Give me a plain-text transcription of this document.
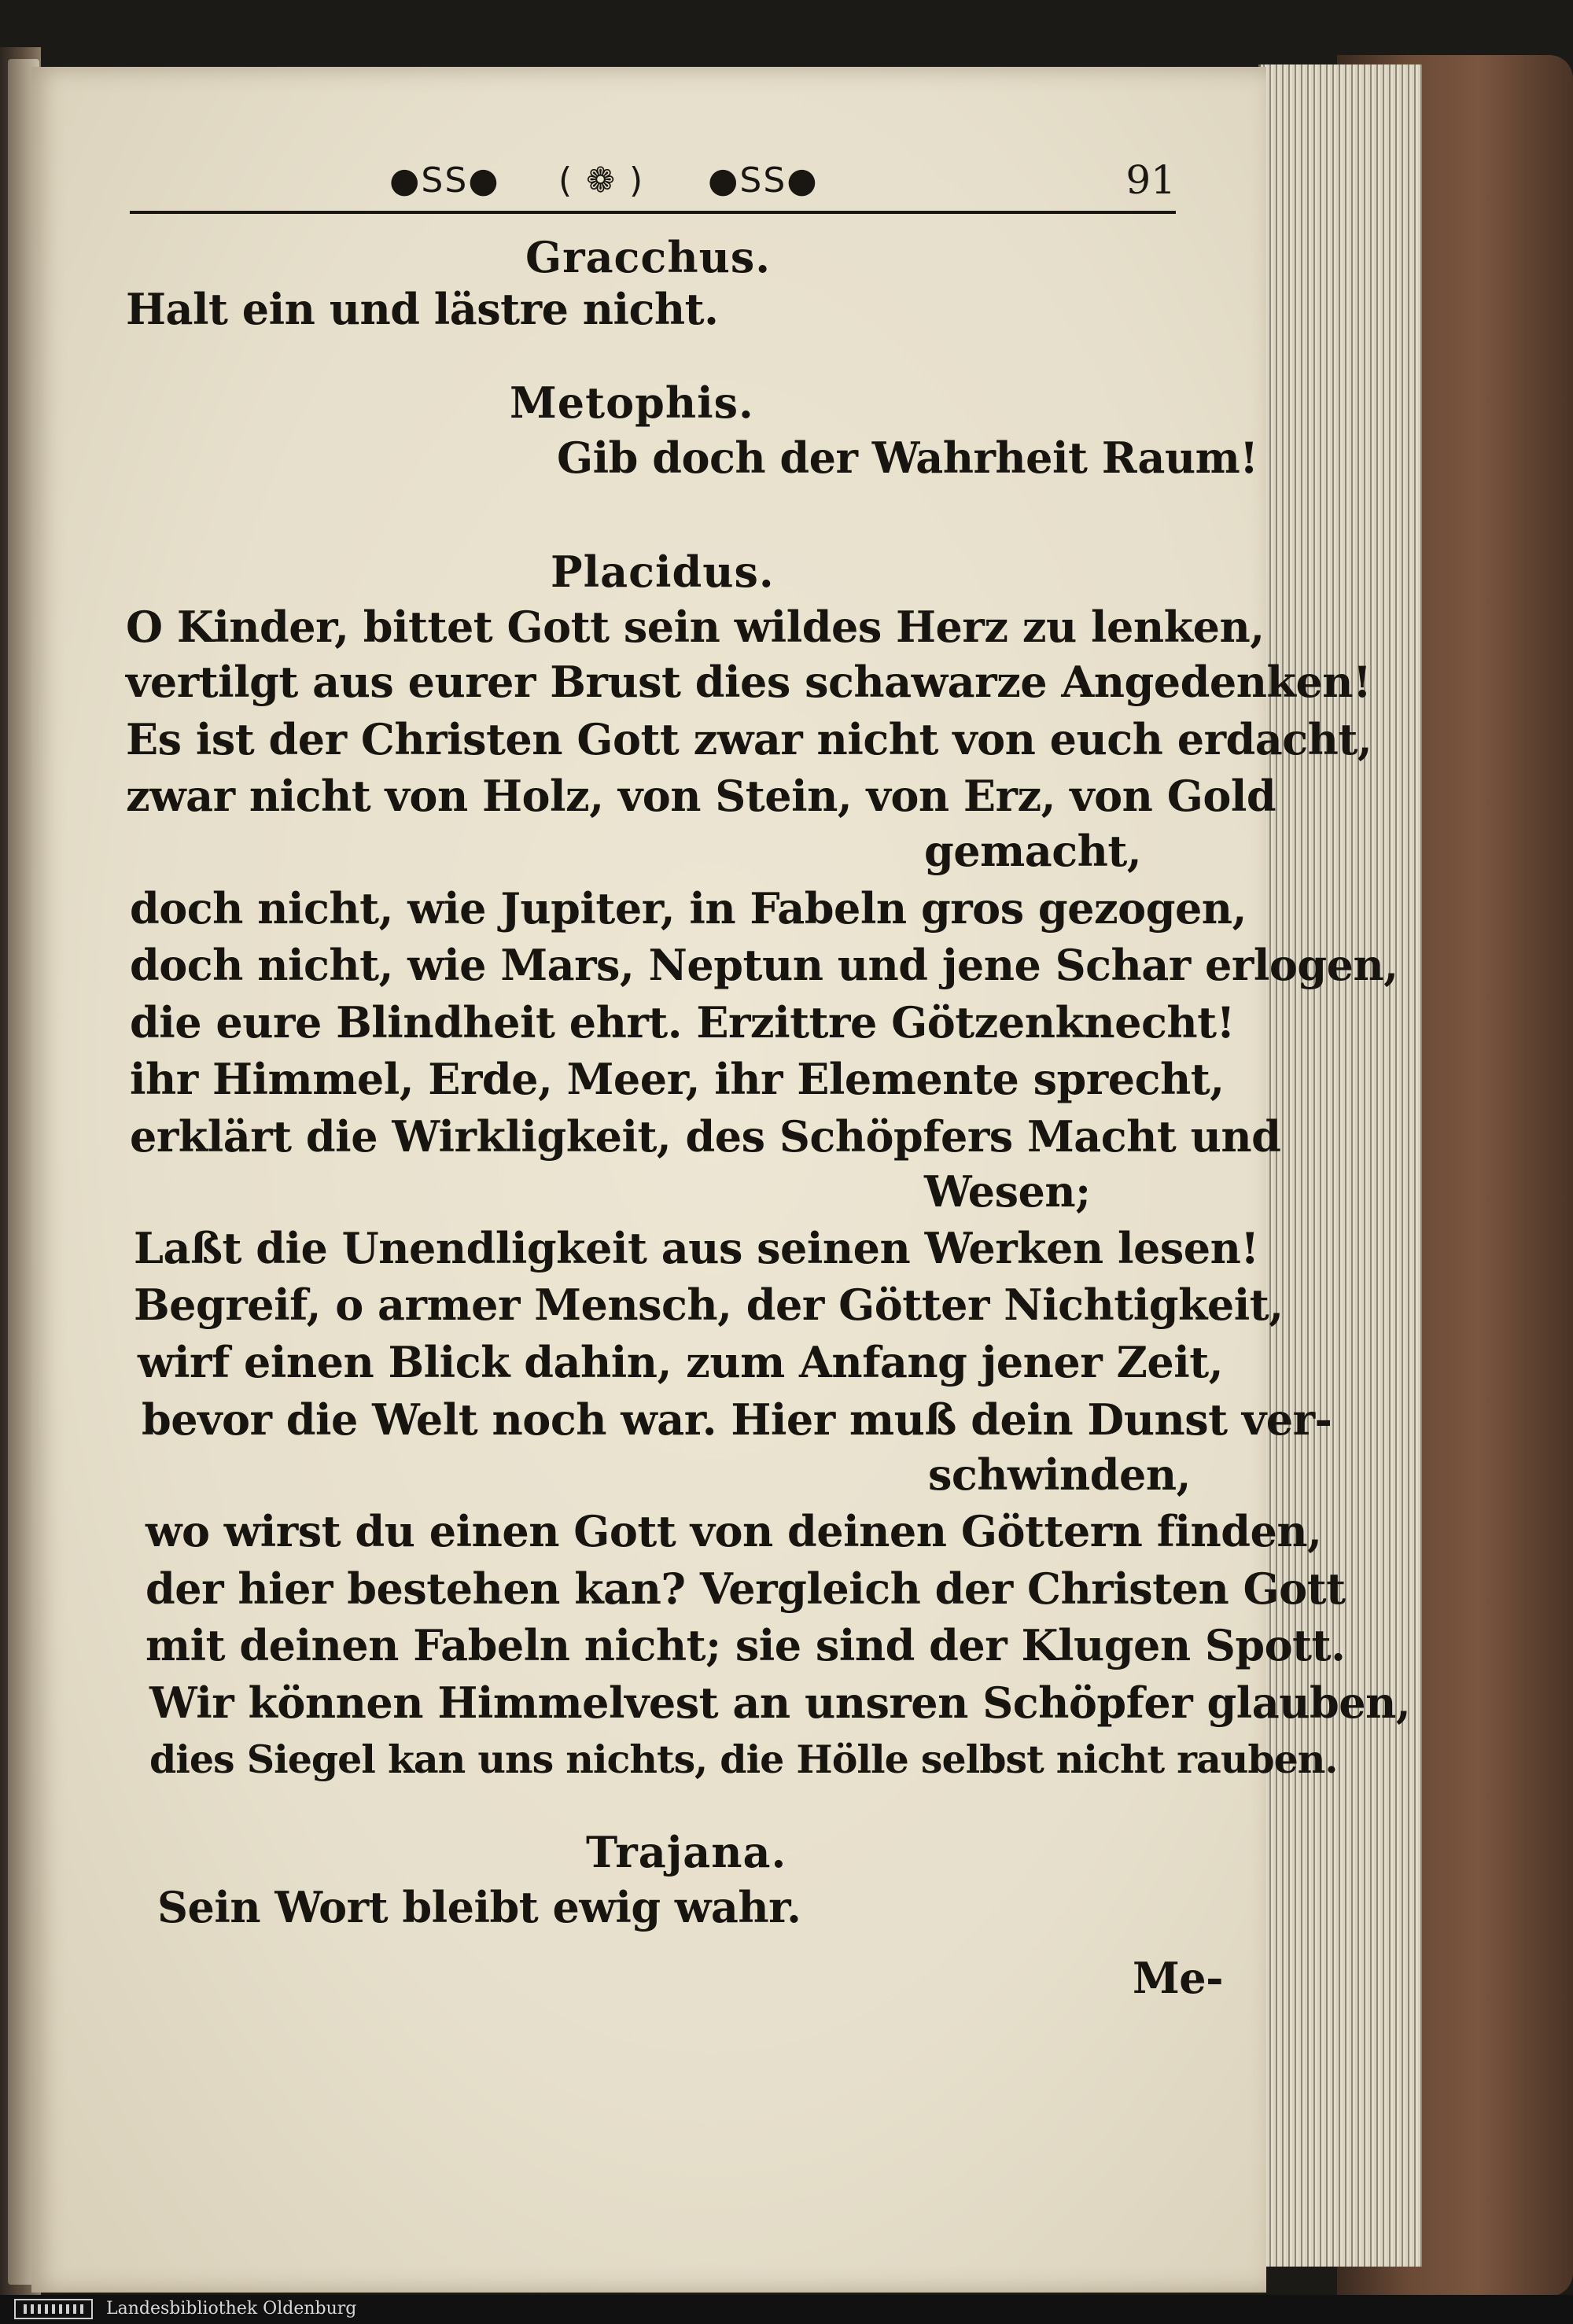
●SS● ( ❁ ) ●SS●	91
Gracchus.
Halt ein und lästre nicht.
Metophis.
Gib doch der Wahrheit Raum!
Placidus.
O Kinder, bittet Gott sein wildes Herz zu lenken,
vertilgt aus eurer Brust dies schawarze Angedenken!
Es ist der Christen Gott zwar nicht von euch erdacht,
zwar nicht von Holz, von Stein, von Erz, von Gold
gemacht,
doch nicht, wie Jupiter, in Fabeln gros gezogen,
doch nicht, wie Mars, Neptun und jene Schar erlogen,
die eure Blindheit ehrt. Erzittre Götzenknecht!
ihr Himmel, Erde, Meer, ihr Elemente sprecht,
erklärt die Wirkligkeit, des Schöpfers Macht und
Wesen;
Laßt die Unendligkeit aus seinen Werken lesen!
Begreif, o armer Mensch, der Götter Nichtigkeit,
wirf einen Blick dahin, zum Anfang jener Zeit,
bevor die Welt noch war. Hier muß dein Dunst ver-
schwinden,
wo wirst du einen Gott von deinen Göttern finden,
der hier bestehen kan? Vergleich der Christen Gott
mit deinen Fabeln nicht; sie sind der Klugen Spott.
Wir können Himmelvest an unsren Schöpfer glauben,
dies Siegel kan uns nichts, die Hölle selbst nicht rauben.
Trajana.
Sein Wort bleibt ewig wahr.
Me-
Landesbibliothek Oldenburg
